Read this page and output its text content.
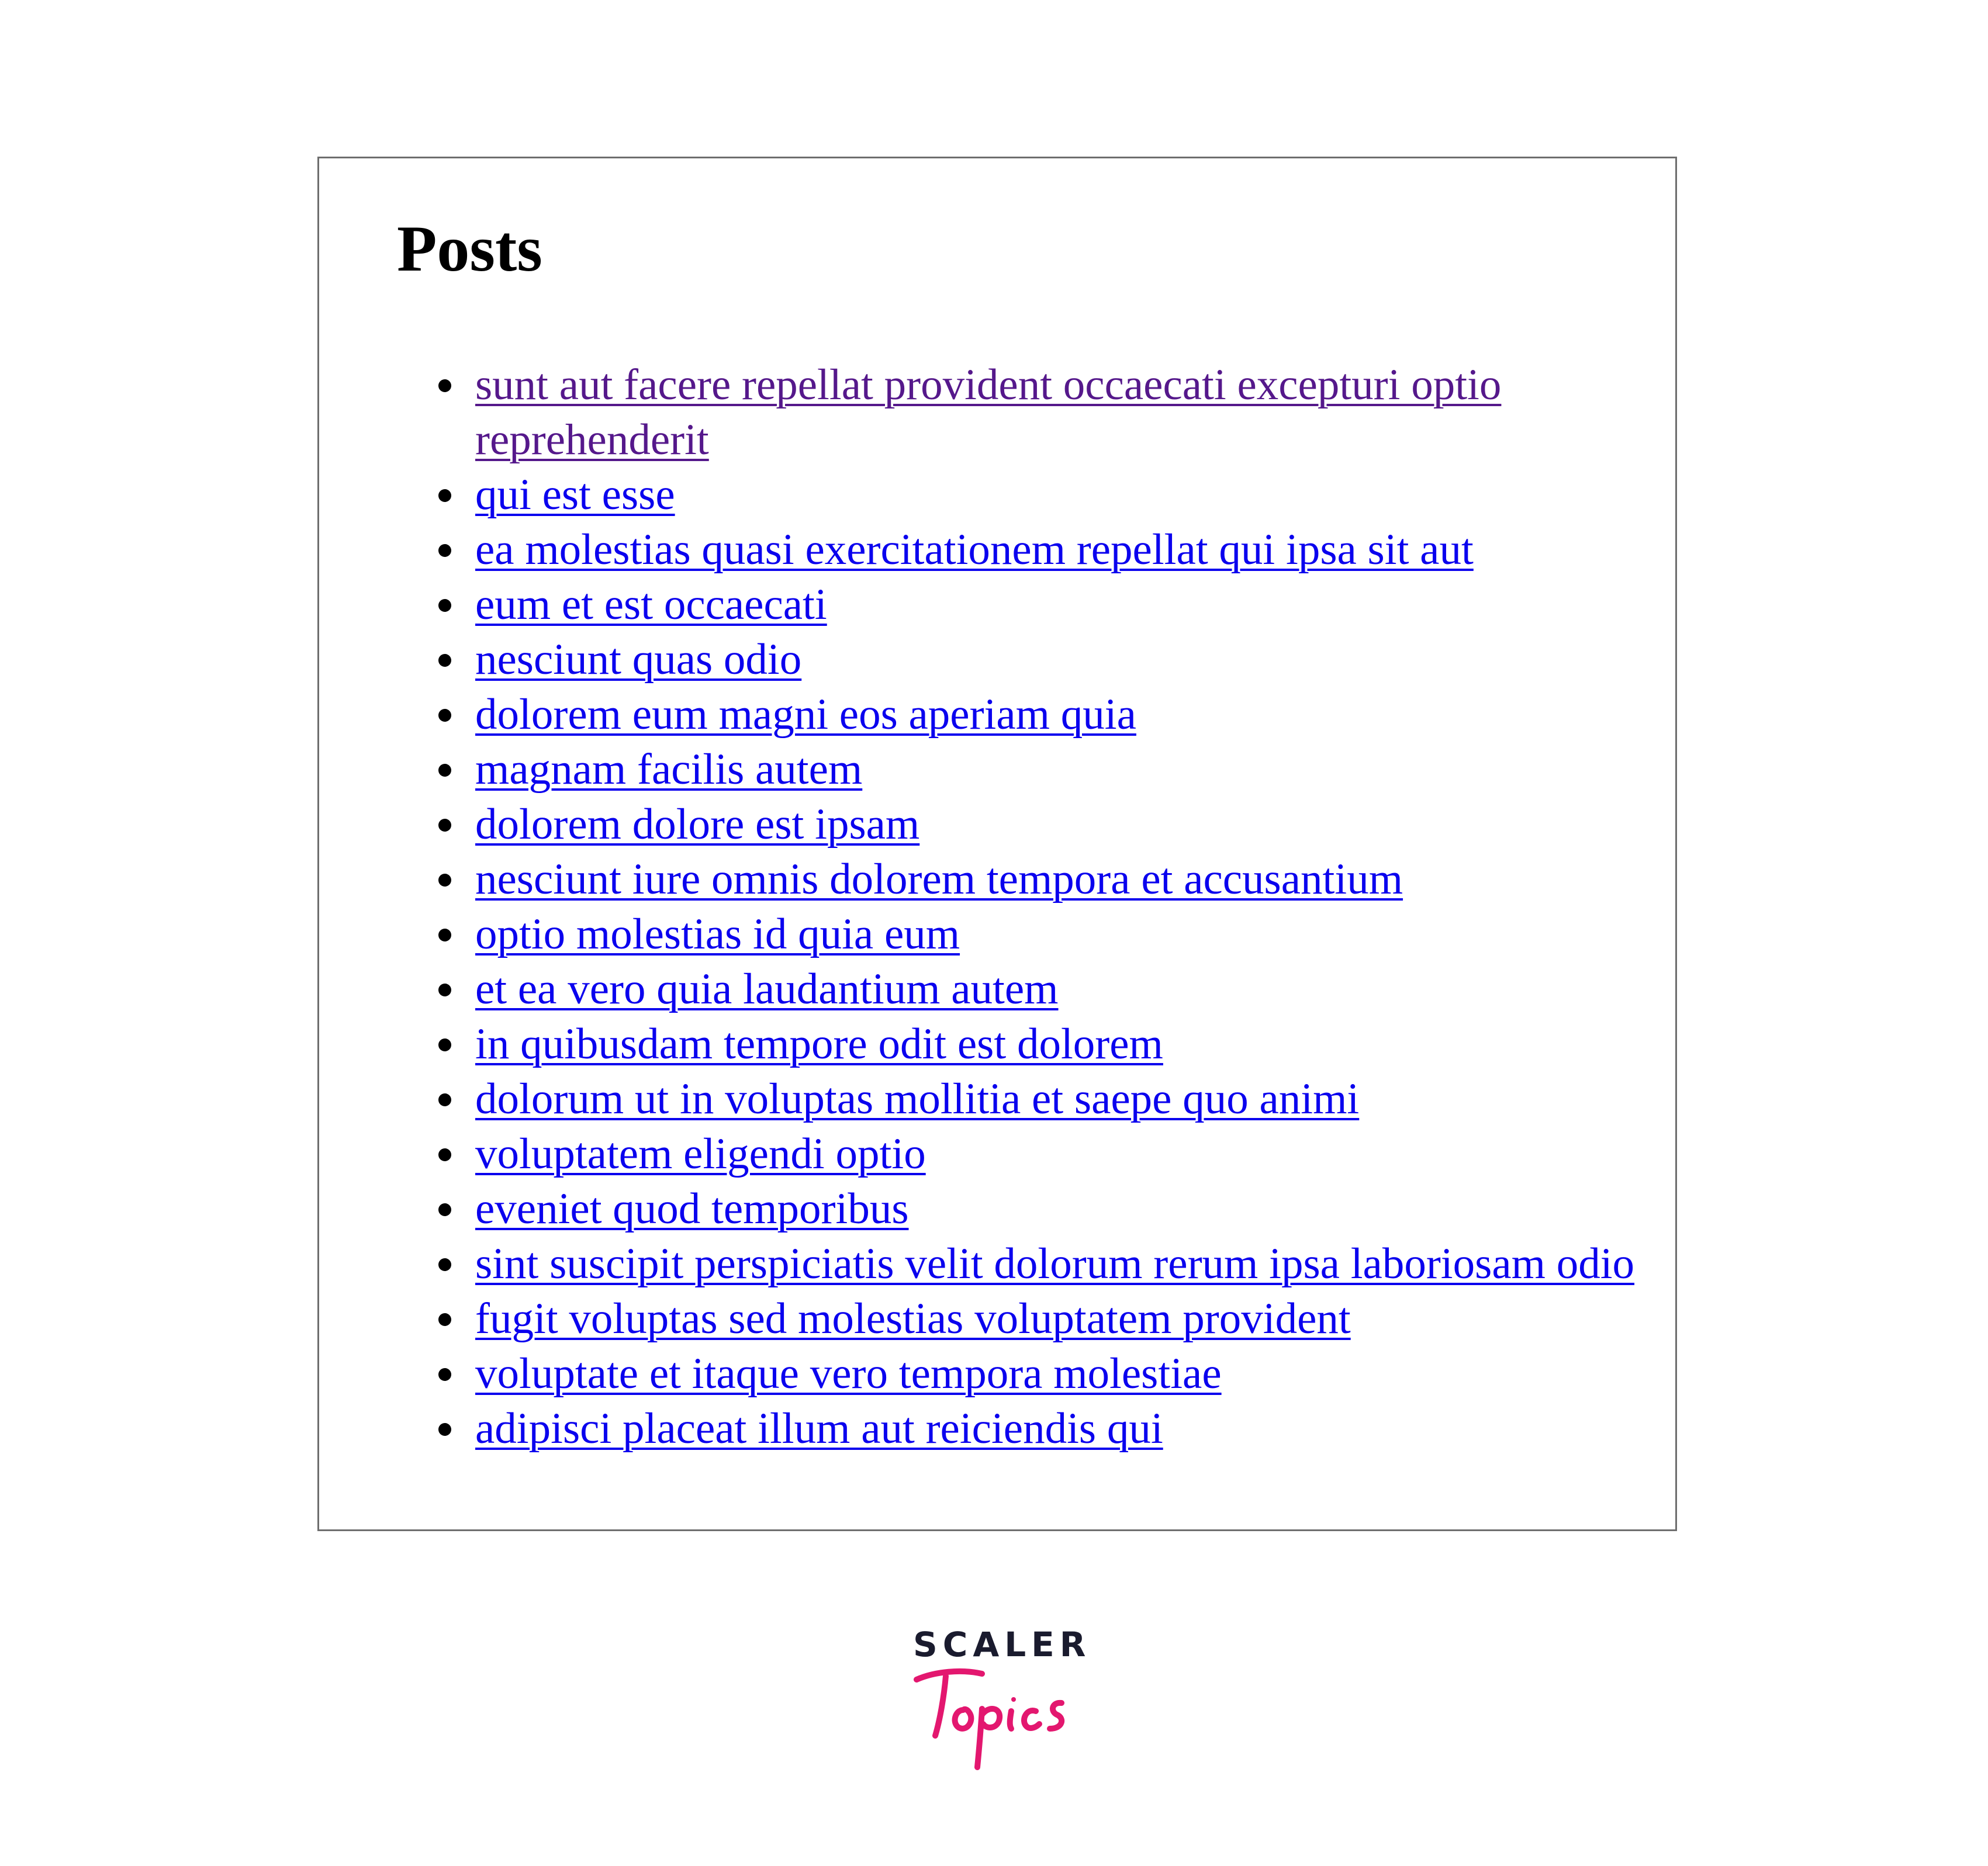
Posts
sunt aut facere repellat provident occaecati excepturi optio reprehenderit
qui est esse
ea molestias quasi exercitationem repellat qui ipsa sit aut
eum et est occaecati
nesciunt quas odio
dolorem eum magni eos aperiam quia
magnam facilis autem
dolorem dolore est ipsam
nesciunt iure omnis dolorem tempora et accusantium
optio molestias id quia eum
et ea vero quia laudantium autem
in quibusdam tempore odit est dolorem
dolorum ut in voluptas mollitia et saepe quo animi
voluptatem eligendi optio
eveniet quod temporibus
sint suscipit perspiciatis velit dolorum rerum ipsa laboriosam odio
fugit voluptas sed molestias voluptatem provident
voluptate et itaque vero tempora molestiae
adipisci placeat illum aut reiciendis qui
SCALER
